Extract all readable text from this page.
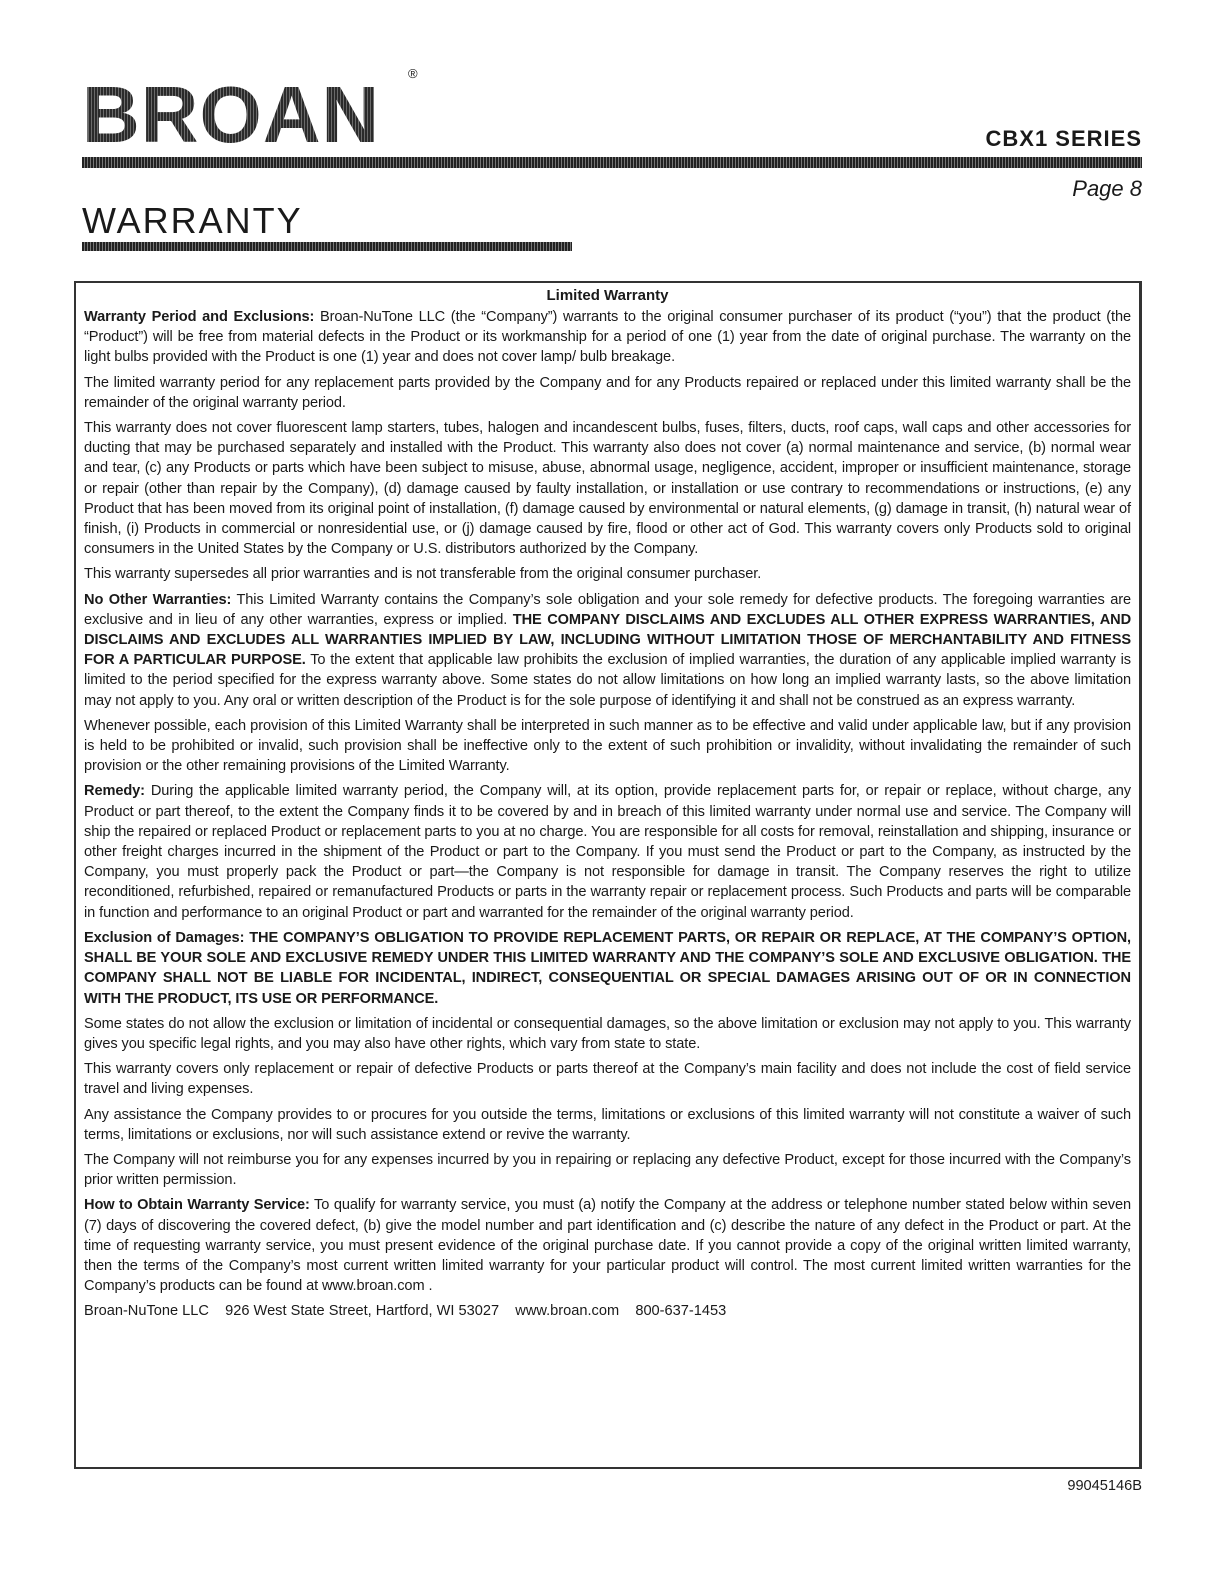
BROAN ®
CBX1 SERIES
Page 8
WARRANTY

Limited Warranty

Warranty Period and Exclusions: Broan-NuTone LLC (the “Company”) warrants to the original consumer purchaser of its product (“you”) that the product (the “Product”) will be free from material defects in the Product or its workmanship for a period of one (1) year from the date of original purchase. The warranty on the light bulbs provided with the Product is one (1) year and does not cover lamp/ bulb breakage.

The limited warranty period for any replacement parts provided by the Company and for any Products repaired or replaced under this limited warranty shall be the remainder of the original warranty period.

This warranty does not cover fluorescent lamp starters, tubes, halogen and incandescent bulbs, fuses, filters, ducts, roof caps, wall caps and other accessories for ducting that may be purchased separately and installed with the Product. This warranty also does not cover (a) normal maintenance and service, (b) normal wear and tear, (c) any Products or parts which have been subject to misuse, abuse, abnormal usage, negligence, accident, improper or insufficient maintenance, storage or repair (other than repair by the Company), (d) damage caused by faulty installation, or installation or use contrary to recommendations or instructions, (e) any Product that has been moved from its original point of installation, (f) damage caused by environmental or natural elements, (g) damage in transit, (h) natural wear of finish, (i) Products in commercial or nonresidential use, or (j) damage caused by fire, flood or other act of God. This warranty covers only Products sold to original consumers in the United States by the Company or U.S. distributors authorized by the Company.

This warranty supersedes all prior warranties and is not transferable from the original consumer purchaser.

No Other Warranties: This Limited Warranty contains the Company’s sole obligation and your sole remedy for defective products. The foregoing warranties are exclusive and in lieu of any other warranties, express or implied. THE COMPANY DISCLAIMS AND EXCLUDES ALL OTHER EXPRESS WARRANTIES, AND DISCLAIMS AND EXCLUDES ALL WARRANTIES IMPLIED BY LAW, INCLUDING WITHOUT LIMITATION THOSE OF MERCHANTABILITY AND FITNESS FOR A PARTICULAR PURPOSE. To the extent that applicable law prohibits the exclusion of implied warranties, the duration of any applicable implied warranty is limited to the period specified for the express warranty above. Some states do not allow limitations on how long an implied warranty lasts, so the above limitation may not apply to you. Any oral or written description of the Product is for the sole purpose of identifying it and shall not be construed as an express warranty.

Whenever possible, each provision of this Limited Warranty shall be interpreted in such manner as to be effective and valid under applicable law, but if any provision is held to be prohibited or invalid, such provision shall be ineffective only to the extent of such prohibition or invalidity, without invalidating the remainder of such provision or the other remaining provisions of the Limited Warranty.

Remedy: During the applicable limited warranty period, the Company will, at its option, provide replacement parts for, or repair or replace, without charge, any Product or part thereof, to the extent the Company finds it to be covered by and in breach of this limited warranty under normal use and service. The Company will ship the repaired or replaced Product or replacement parts to you at no charge. You are responsible for all costs for removal, reinstallation and shipping, insurance or other freight charges incurred in the shipment of the Product or part to the Company. If you must send the Product or part to the Company, as instructed by the Company, you must properly pack the Product or part—the Company is not responsible for damage in transit. The Company reserves the right to utilize reconditioned, refurbished, repaired or remanufactured Products or parts in the warranty repair or replacement process. Such Products and parts will be comparable in function and performance to an original Product or part and warranted for the remainder of the original warranty period.

Exclusion of Damages: THE COMPANY’S OBLIGATION TO PROVIDE REPLACEMENT PARTS, OR REPAIR OR REPLACE, AT THE COMPANY’S OPTION, SHALL BE YOUR SOLE AND EXCLUSIVE REMEDY UNDER THIS LIMITED WARRANTY AND THE COMPANY’S SOLE AND EXCLUSIVE OBLIGATION. THE COMPANY SHALL NOT BE LIABLE FOR INCIDENTAL, INDIRECT, CONSEQUENTIAL OR SPECIAL DAMAGES ARISING OUT OF OR IN CONNECTION WITH THE PRODUCT, ITS USE OR PERFORMANCE.

Some states do not allow the exclusion or limitation of incidental or consequential damages, so the above limitation or exclusion may not apply to you. This warranty gives you specific legal rights, and you may also have other rights, which vary from state to state.

This warranty covers only replacement or repair of defective Products or parts thereof at the Company’s main facility and does not include the cost of field service travel and living expenses.

Any assistance the Company provides to or procures for you outside the terms, limitations or exclusions of this limited warranty will not constitute a waiver of such terms, limitations or exclusions, nor will such assistance extend or revive the warranty.

The Company will not reimburse you for any expenses incurred by you in repairing or replacing any defective Product, except for those incurred with the Company’s prior written permission.

How to Obtain Warranty Service: To qualify for warranty service, you must (a) notify the Company at the address or telephone number stated below within seven (7) days of discovering the covered defect, (b) give the model number and part identification and (c) describe the nature of any defect in the Product or part. At the time of requesting warranty service, you must present evidence of the original purchase date. If you cannot provide a copy of the original written limited warranty, then the terms of the Company’s most current written limited warranty for your particular product will control. The most current limited written warranties for the Company’s products can be found at www.broan.com .

Broan-NuTone LLC 926 West State Street, Hartford, WI 53027 www.broan.com 800-637-1453

99045146B
